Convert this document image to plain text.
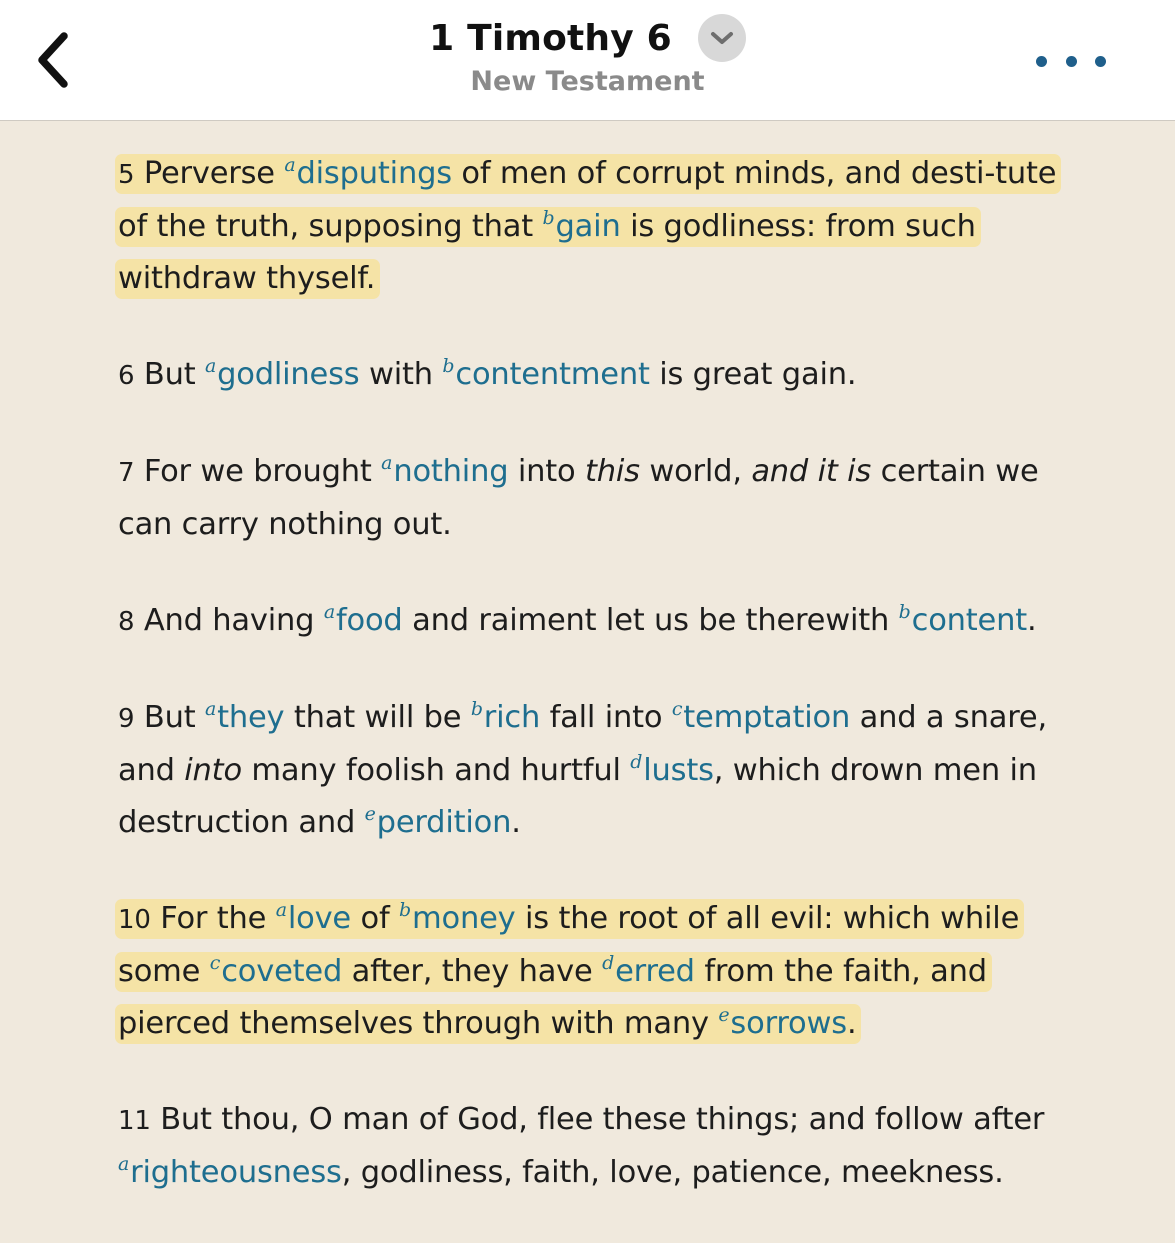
1 Timothy 6
New Testament

5 Perverse $^a$disputings of men of corrupt minds, and desti-tute of the truth, supposing that $^b$gain is godliness: from such withdraw thyself.

6 But $^a$godliness with $^b$contentment is great gain.

7 For we brought $^a$nothing into this world, and it is certain we can carry nothing out.

8 And having $^a$food and raiment let us be therewith $^b$content.

9 But $^a$they that will be $^b$rich fall into $^c$temptation and a snare, and into many foolish and hurtful $^d$lusts, which drown men in destruction and $^e$perdition.

10 For the $^a$love of $^b$money is the root of all evil: which while some $^c$coveted after, they have $^d$erred from the faith, and pierced themselves through with many $^e$sorrows.

11 But thou, O man of God, flee these things; and follow after $^a$righteousness, godliness, faith, love, patience, meekness.
